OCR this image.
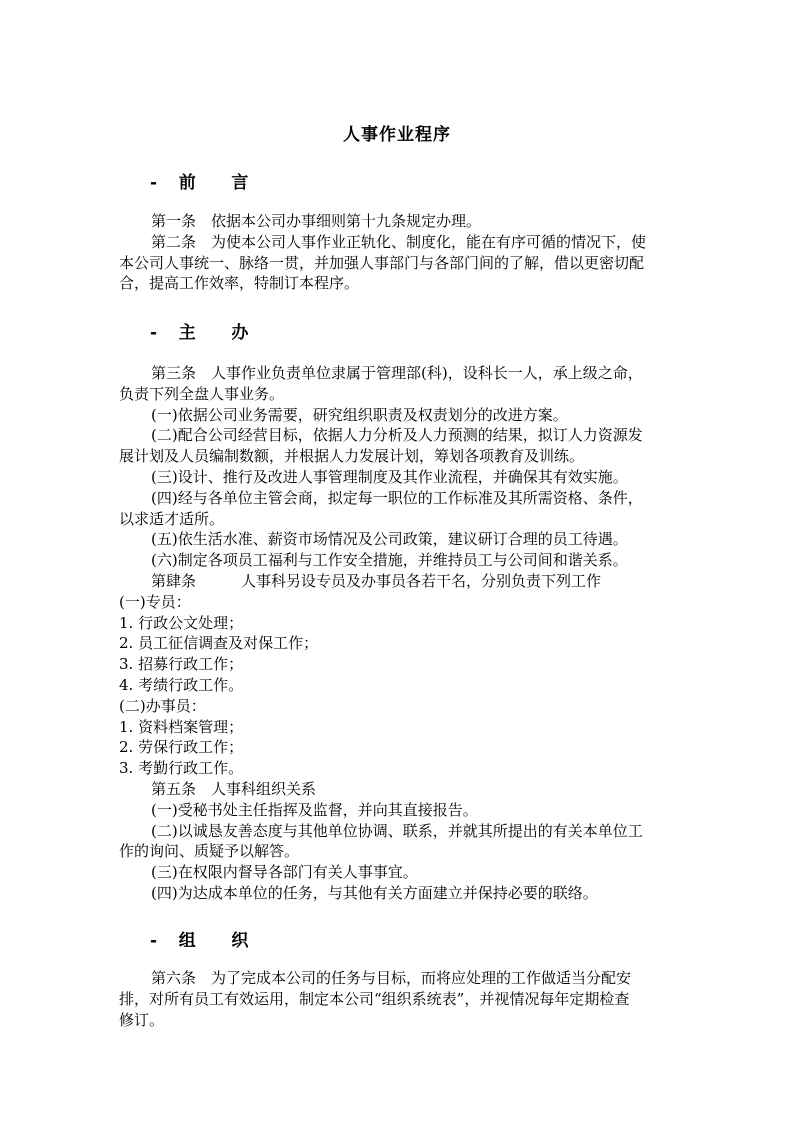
人事作业程序
-   前     言
第一条　依据本公司办事细则第十九条规定办理。
第二条　为使本公司人事作业正轨化、制度化，能在有序可循的情况下，使
本公司人事统一、脉络一贯，并加强人事部门与各部门间的了解，借以更密切配
合，提高工作效率，特制订本程序。
-   主     办
第三条　人事作业负责单位隶属于管理部(科)，设科长一人，承上级之命，
负责下列全盘人事业务。
(一)依据公司业务需要，研究组织职责及权责划分的改进方案。
(二)配合公司经营目标，依据人力分析及人力预测的结果，拟订人力资源发
展计划及人员编制数额，并根据人力发展计划，筹划各项教育及训练。
(三)设计、推行及改进人事管理制度及其作业流程，并确保其有效实施。
(四)经与各单位主管会商，拟定每一职位的工作标准及其所需资格、条件，
以求适才适所。
(五)依生活水准、薪资市场情况及公司政策，建议研订合理的员工待遇。
(六)制定各项员工福利与工作安全措施，并维持员工与公司间和谐关系。
第肆条　　　人事科另设专员及办事员各若干名，分别负责下列工作
(一)专员：
1. 行政公文处理；
2. 员工征信调查及对保工作；
3. 招募行政工作；
4. 考绩行政工作。
(二)办事员：
1. 资料档案管理；
2. 劳保行政工作；
3. 考勤行政工作。
第五条　人事科组织关系
(一)受秘书处主任指挥及监督，并向其直接报告。
(二)以诚恳友善态度与其他单位协调、联系，并就其所提出的有关本单位工
作的询问、质疑予以解答。
(三)在权限内督导各部门有关人事事宜。
(四)为达成本单位的任务，与其他有关方面建立并保持必要的联络。
-   组     织
第六条　为了完成本公司的任务与目标，而将应处理的工作做适当分配安
排，对所有员工有效运用，制定本公司“组织系统表”，并视情况每年定期检查
修订。
